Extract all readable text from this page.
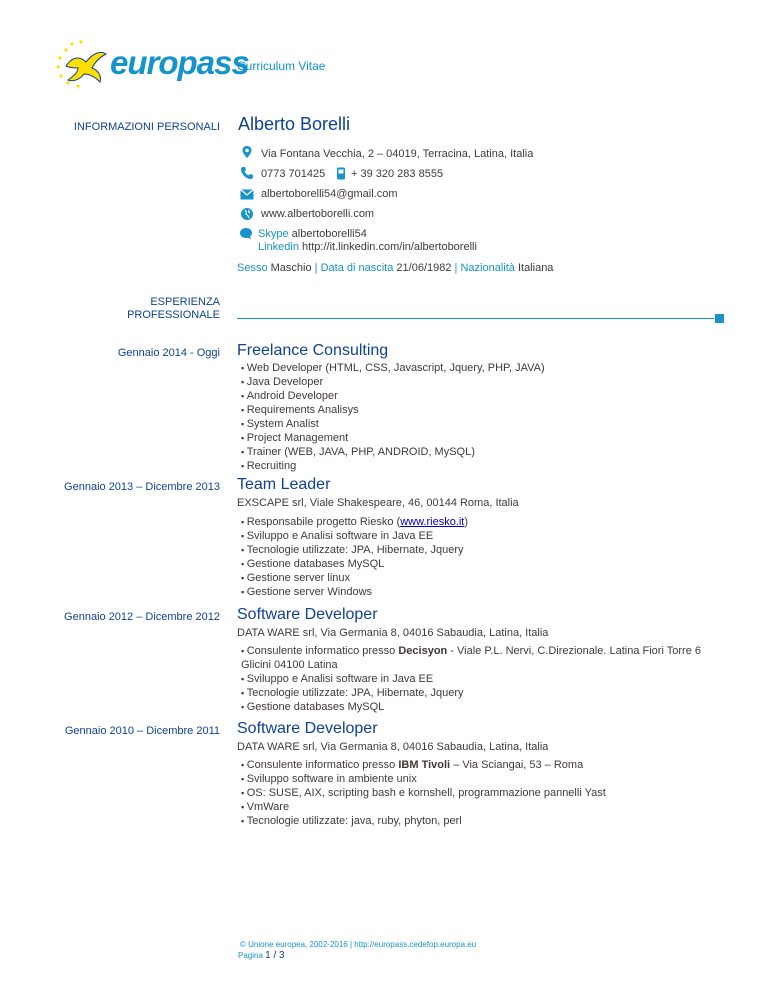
europass
Curriculum Vitae
INFORMAZIONI PERSONALI Alberto Borelli
Via Fontana Vecchia, 2 – 04019, Terracina, Latina, Italia
0773 701425 + 39 320 283 8555
albertoborelli54@gmail.com
www.albertoborelli.com
Skype albertoborelli54
Linkedin http://it.linkedin.com/in/albertoborelli
Sesso Maschio | Data di nascita 21/06/1982 | Nazionalità Italiana
ESPERIENZA
PROFESSIONALE
Gennaio 2014 - Oggi Freelance Consulting
▪ Web Developer (HTML, CSS, Javascript, Jquery, PHP, JAVA)
▪ Java Developer
▪ Android Developer
▪ Requirements Analisys
▪ System Analist
▪ Project Management
▪ Trainer (WEB, JAVA, PHP, ANDROID, MySQL)
▪ Recruiting
Gennaio 2013 – Dicembre 2013 Team Leader
EXSCAPE srl, Viale Shakespeare, 46, 00144 Roma, Italia
▪ Responsabile progetto Riesko (www.riesko.it)
▪ Sviluppo e Analisi software in Java EE
▪ Tecnologie utilizzate: JPA, Hibernate, Jquery
▪ Gestione databases MySQL
▪ Gestione server linux
▪ Gestione server Windows
Gennaio 2012 – Dicembre 2012 Software Developer
DATA WARE srl, Via Germania 8, 04016 Sabaudia, Latina, Italia
▪ Consulente informatico presso Decisyon - Viale P.L. Nervi, C.Direzionale. Latina Fiori Torre 6 Glicini 04100 Latina
▪ Sviluppo e Analisi software in Java EE
▪ Tecnologie utilizzate: JPA, Hibernate, Jquery
▪ Gestione databases MySQL
Gennaio 2010 – Dicembre 2011 Software Developer
DATA WARE srl, Via Germania 8, 04016 Sabaudia, Latina, Italia
▪ Consulente informatico presso IBM Tivoli – Via Sciangai, 53 – Roma
▪ Sviluppo software in ambiente unix
▪ OS: SUSE, AIX, scripting bash e kornshell, programmazione pannelli Yast
▪ VmWare
▪ Tecnologie utilizzate: java, ruby, phyton, perl
© Unione europea, 2002-2016 | http://europass.cedefop.europa.eu
Pagina 1 / 3
